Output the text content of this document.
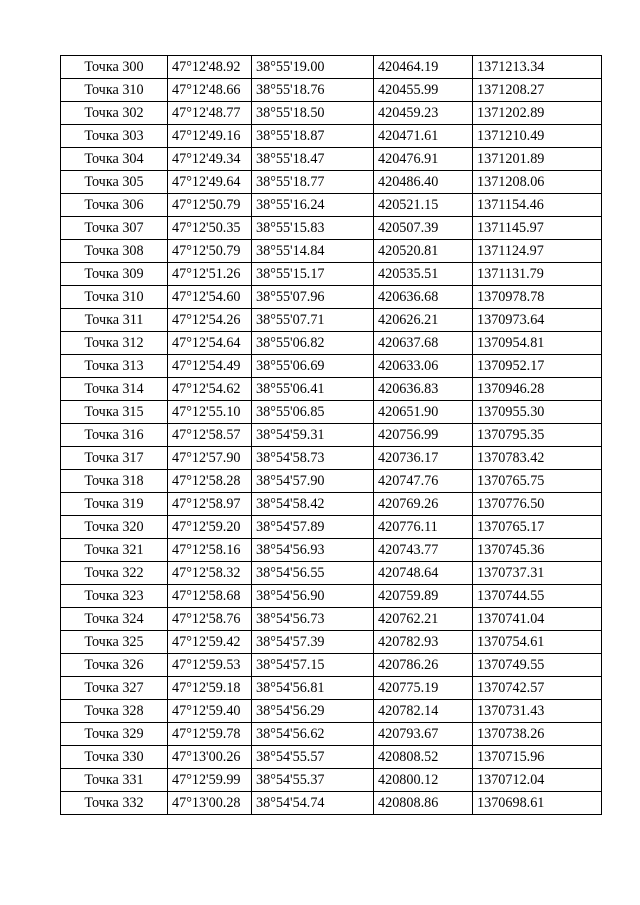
Точка 300	47°12'48.92	38°55'19.00	420464.19	1371213.34
Точка 310	47°12'48.66	38°55'18.76	420455.99	1371208.27
Точка 302	47°12'48.77	38°55'18.50	420459.23	1371202.89
Точка 303	47°12'49.16	38°55'18.87	420471.61	1371210.49
Точка 304	47°12'49.34	38°55'18.47	420476.91	1371201.89
Точка 305	47°12'49.64	38°55'18.77	420486.40	1371208.06
Точка 306	47°12'50.79	38°55'16.24	420521.15	1371154.46
Точка 307	47°12'50.35	38°55'15.83	420507.39	1371145.97
Точка 308	47°12'50.79	38°55'14.84	420520.81	1371124.97
Точка 309	47°12'51.26	38°55'15.17	420535.51	1371131.79
Точка 310	47°12'54.60	38°55'07.96	420636.68	1370978.78
Точка 311	47°12'54.26	38°55'07.71	420626.21	1370973.64
Точка 312	47°12'54.64	38°55'06.82	420637.68	1370954.81
Точка 313	47°12'54.49	38°55'06.69	420633.06	1370952.17
Точка 314	47°12'54.62	38°55'06.41	420636.83	1370946.28
Точка 315	47°12'55.10	38°55'06.85	420651.90	1370955.30
Точка 316	47°12'58.57	38°54'59.31	420756.99	1370795.35
Точка 317	47°12'57.90	38°54'58.73	420736.17	1370783.42
Точка 318	47°12'58.28	38°54'57.90	420747.76	1370765.75
Точка 319	47°12'58.97	38°54'58.42	420769.26	1370776.50
Точка 320	47°12'59.20	38°54'57.89	420776.11	1370765.17
Точка 321	47°12'58.16	38°54'56.93	420743.77	1370745.36
Точка 322	47°12'58.32	38°54'56.55	420748.64	1370737.31
Точка 323	47°12'58.68	38°54'56.90	420759.89	1370744.55
Точка 324	47°12'58.76	38°54'56.73	420762.21	1370741.04
Точка 325	47°12'59.42	38°54'57.39	420782.93	1370754.61
Точка 326	47°12'59.53	38°54'57.15	420786.26	1370749.55
Точка 327	47°12'59.18	38°54'56.81	420775.19	1370742.57
Точка 328	47°12'59.40	38°54'56.29	420782.14	1370731.43
Точка 329	47°12'59.78	38°54'56.62	420793.67	1370738.26
Точка 330	47°13'00.26	38°54'55.57	420808.52	1370715.96
Точка 331	47°12'59.99	38°54'55.37	420800.12	1370712.04
Точка 332	47°13'00.28	38°54'54.74	420808.86	1370698.61
